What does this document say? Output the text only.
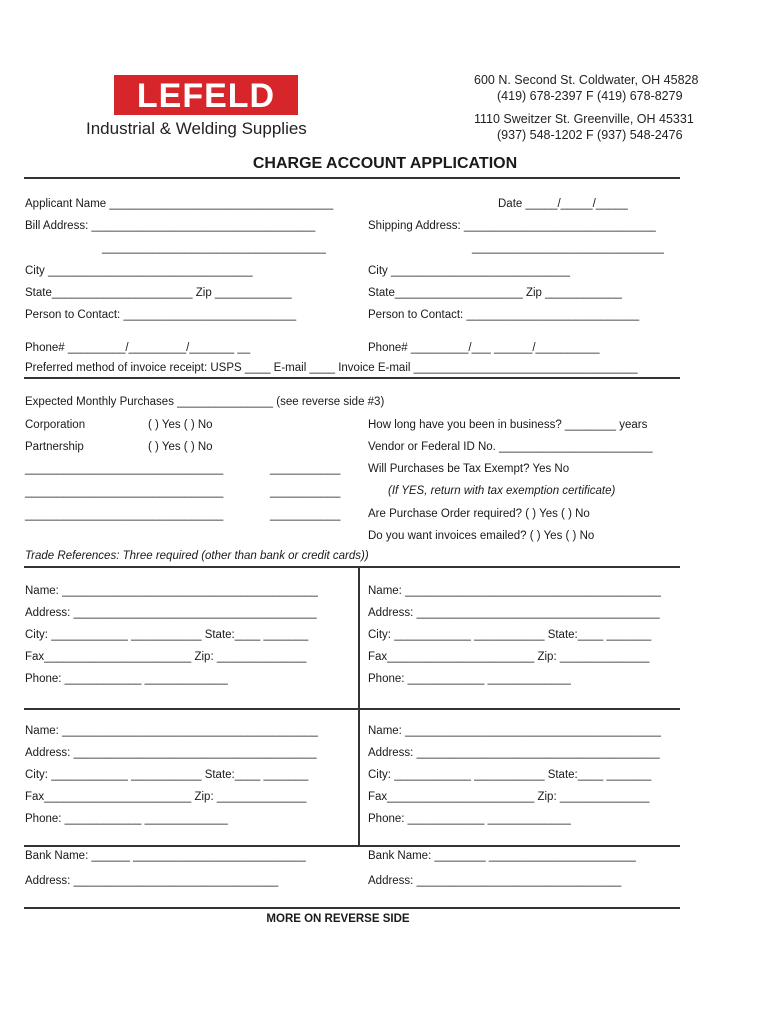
LEFELD
Industrial & Welding Supplies
600 N. Second St. Coldwater, OH 45828
(419) 678-2397 F (419) 678-8279
1110 Sweitzer St. Greenville, OH 45331
(937) 548-1202 F (937) 548-2476
CHARGE ACCOUNT APPLICATION
Applicant Name ___________________________________	Date _____/_____/_____
Bill Address: ___________________________________
___________________________________
Shipping Address: ______________________________
______________________________
City ________________________________	City ____________________________
State______________________ Zip ____________	State____________________ Zip ____________
Person to Contact: ___________________________	Person to Contact: ___________________________
Phone# _________/_________/_______ __	Phone# _________/___ ______/__________
Preferred method of invoice receipt: USPS ____ E-mail ____ Invoice E-mail ___________________________________
Expected Monthly Purchases _______________ (see reverse side #3)
Corporation	( ) Yes ( ) No
Partnership	( ) Yes ( ) No
_______________________________	___________
_______________________________	___________
_______________________________	___________
How long have you been in business? ________ years
Vendor or Federal ID No. ________________________
Will Purchases be Tax Exempt? Yes No
(If YES, return with tax exemption certificate)
Are Purchase Order required? ( ) Yes ( ) No
Do you want invoices emailed? ( ) Yes ( ) No
Trade References: Three required (other than bank or credit cards))
Name: ________________________________________
Address: ______________________________________
City: ____________ ___________ State:____ _______
Fax_______________________ Zip: ______________
Phone: ____________ _____________
Name: ________________________________________
Address: ______________________________________
City: ____________ ___________ State:____ _______
Fax_______________________ Zip: ______________
Phone: ____________ _____________
Name: ________________________________________
Address: ______________________________________
City: ____________ ___________ State:____ _______
Fax_______________________ Zip: ______________
Phone: ____________ _____________
Name: ________________________________________
Address: ______________________________________
City: ____________ ___________ State:____ _______
Fax_______________________ Zip: ______________
Phone: ____________ _____________
Bank Name: ______ ___________________________
Address: ________________________________
Bank Name: ________ _______________________
Address: ________________________________
MORE ON REVERSE SIDE
